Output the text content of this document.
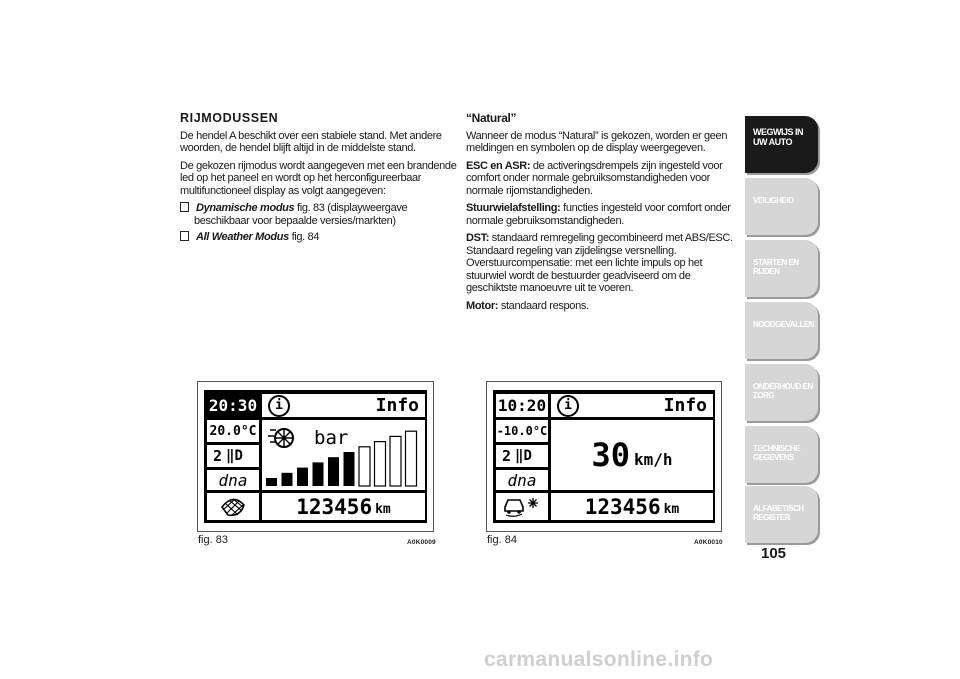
RIJMODUSSEN

De hendel A beschikt over een stabiele stand. Met andere woorden, de hendel blijft altijd in de middelste stand.

De gekozen rijmodus wordt aangegeven met een brandende led op het paneel en wordt op het herconfigureerbaar multifunctioneel display as volgt aangegeven:

Dynamische modus fig. 83 (displayweergave beschikbaar voor bepaalde versies/markten)
All Weather Modus fig. 84
“Natural”

Wanneer de modus “Natural” is gekozen, worden er geen meldingen en symbolen op de display weergegeven.

ESC en ASR: de activeringsdrempels zijn ingesteld voor comfort onder normale gebruiksomstandigheden voor normale rijomstandigheden.

Stuurwielafstelling: functies ingesteld voor comfort onder normale gebruiksomstandigheden.

DST: standaard remregeling gecombineerd met ABS/ESC. Standaard regeling van zijdelingse versnelling. Overstuurcompensatie: met een lichte impuls op het stuurwiel wordt de bestuurder geadviseerd om de geschiktste manoeuvre uit te voeren.

Motor: standaard respons.

20:30
20.0°C
2 ‖D
dna
i	Info
bar
123456 km
fig. 83	A0K0009
10:20
-10.0°C
2 ‖D
dna
i	Info
30 km/h
123456 km
fig. 84	A0K0010
WEGWIJS IN UW AUTO
VEILIGHEID
STARTEN EN RIJDEN
NOODGEVALLEN
ONDERHOUD EN ZORG
TECHNISCHE GEGEVENS
ALFABETISCH REGISTER
105
carmanualsonline.info
